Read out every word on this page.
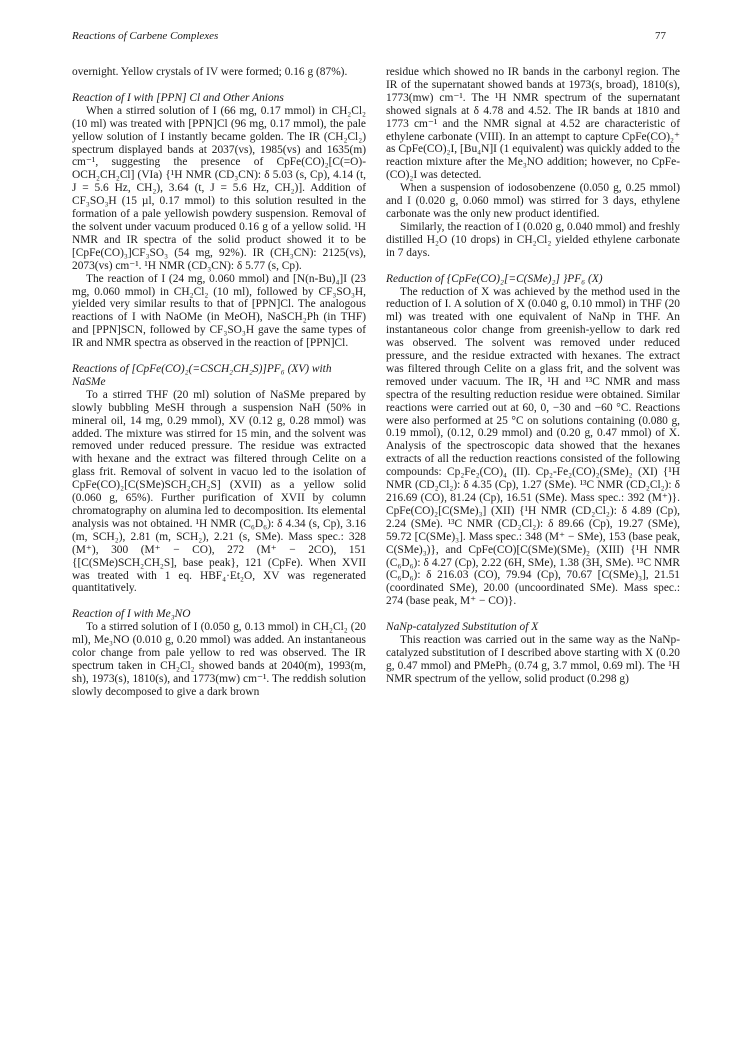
Reactions of Carbene Complexes	77

overnight. Yellow crystals of IV were formed; 0.16 g (87%).

Reaction of I with [PPN] Cl and Other Anions

When a stirred solution of I (66 mg, 0.17 mmol) in CH₂Cl₂ (10 ml) was treated with [PPN]Cl (96 mg, 0.17 mmol), the pale yellow solution of I instantly became golden. The IR (CH₂Cl₂) spectrum displayed bands at 2037(vs), 1985(vs) and 1635(m) cm⁻¹, suggesting the presence of CpFe(CO)₂[C(=O)-OCH₂CH₂Cl] (VIa) {¹H NMR (CD₃CN): δ 5.03 (s, Cp), 4.14 (t, J = 5.6 Hz, CH₂), 3.64 (t, J = 5.6 Hz, CH₂)]. Addition of CF₃SO₃H (15 µl, 0.17 mmol) to this solution resulted in the formation of a pale yellowish powdery suspension. Removal of the solvent under vacuum produced 0.16 g of a yellow solid. ¹H NMR and IR spectra of the solid product showed it to be [CpFe(CO)₃]CF₃SO₃ (54 mg, 92%). IR (CH₃CN): 2125(vs), 2073(vs) cm⁻¹. ¹H NMR (CD₃CN): δ 5.77 (s, Cp).

The reaction of I (24 mg, 0.060 mmol) and [N(n-Bu)₄]I (23 mg, 0.060 mmol) in CH₂Cl₂ (10 ml), followed by CF₃SO₃H, yielded very similar results to that of [PPN]Cl. The analogous reactions of I with NaOMe (in MeOH), NaSCH₂Ph (in THF) and [PPN]SCN, followed by CF₃SO₃H gave the same types of IR and NMR spectra as observed in the reaction of [PPN]Cl.

Reactions of [CpFe(CO)₂(=CSCH₂CH₂S)]PF₆ (XV) with NaSMe

To a stirred THF (20 ml) solution of NaSMe prepared by slowly bubbling MeSH through a suspension NaH (50% in mineral oil, 14 mg, 0.29 mmol), XV (0.12 g, 0.28 mmol) was added. The mixture was stirred for 15 min, and the solvent was removed under reduced pressure. The residue was extracted with hexane and the extract was filtered through Celite on a glass frit. Removal of solvent in vacuo led to the isolation of CpFe(CO)₂[C(SMe)SCH₂CH₂S] (XVII) as a yellow solid (0.060 g, 65%). Further purification of XVII by column chromatography on alumina led to decomposition. Its elemental analysis was not obtained. ¹H NMR (C₆D₆): δ 4.34 (s, Cp), 3.16 (m, SCH₂), 2.81 (m, SCH₂), 2.21 (s, SMe). Mass spec.: 328 (M⁺), 300 (M⁺ − CO), 272 (M⁺ − 2CO), 151 {[C(SMe)SCH₂CH₂S], base peak}, 121 (CpFe). When XVII was treated with 1 eq. HBF₄·Et₂O, XV was regenerated quantitatively.

Reaction of I with Me₃NO

To a stirred solution of I (0.050 g, 0.13 mmol) in CH₂Cl₂ (20 ml), Me₃NO (0.010 g, 0.20 mmol) was added. An instantaneous color change from pale yellow to red was observed. The IR spectrum taken in CH₂Cl₂ showed bands at 2040(m), 1993(m, sh), 1973(s), 1810(s), and 1773(mw) cm⁻¹. The reddish solution slowly decomposed to give a dark brown

residue which showed no IR bands in the carbonyl region. The IR of the supernatant showed bands at 1973(s, broad), 1810(s), 1773(mw) cm⁻¹. The ¹H NMR spectrum of the supernatant showed signals at δ 4.78 and 4.52. The IR bands at 1810 and 1773 cm⁻¹ and the NMR signal at 4.52 are characteristic of ethylene carbonate (VIII). In an attempt to capture CpFe(CO)₂⁺ as CpFe(CO)₂I, [Bu₄N]I (1 equivalent) was quickly added to the reaction mixture after the Me₃NO addition; however, no CpFe-(CO)₂I was detected.

When a suspension of iodosobenzene (0.050 g, 0.25 mmol) and I (0.020 g, 0.060 mmol) was stirred for 3 days, ethylene carbonate was the only new product identified.

Similarly, the reaction of I (0.020 g, 0.040 mmol) and freshly distilled H₂O (10 drops) in CH₂Cl₂ yielded ethylene carbonate in 7 days.

Reduction of {CpFe(CO)₂[=C(SMe)₂] }PF₆ (X)

The reduction of X was achieved by the method used in the reduction of I. A solution of X (0.040 g, 0.10 mmol) in THF (20 ml) was treated with one equivalent of NaNp in THF. An instantaneous color change from greenish-yellow to dark red was observed. The solvent was removed under reduced pressure, and the residue extracted with hexanes. The extract was filtered through Celite on a glass frit, and the solvent was removed under vacuum. The IR, ¹H and ¹³C NMR and mass spectra of the resulting reduction residue were obtained. Similar reactions were carried out at 60, 0, −30 and −60 °C. Reactions were also performed at 25 °C on solutions containing (0.080 g, 0.19 mmol), (0.12, 0.29 mmol) and (0.20 g, 0.47 mmol) of X. Analysis of the spectroscopic data showed that the hexanes extracts of all the reduction reactions consisted of the following compounds: Cp₂Fe₂(CO)₄ (II). Cp₂-Fe₂(CO)₂(SMe)₂ (XI) {¹H NMR (CD₂Cl₂): δ 4.35 (Cp), 1.27 (SMe). ¹³C NMR (CD₂Cl₂): δ 216.69 (CO), 81.24 (Cp), 16.51 (SMe). Mass spec.: 392 (M⁺)}. CpFe(CO)₂[C(SMe)₃] (XII) {¹H NMR (CD₂Cl₂): δ 4.89 (Cp), 2.24 (SMe). ¹³C NMR (CD₂Cl₂): δ 89.66 (Cp), 19.27 (SMe), 59.72 [C(SMe)₃]. Mass spec.: 348 (M⁺ − SMe), 153 (base peak, C(SMe)₃)}, and CpFe(CO)[C(SMe)(SMe)₂ (XIII) {¹H NMR (C₆D₆): δ 4.27 (Cp), 2.22 (6H, SMe), 1.38 (3H, SMe). ¹³C NMR (C₆D₆): δ 216.03 (CO), 79.94 (Cp), 70.67 [C(SMe)₃], 21.51 (coordinated SMe), 20.00 (uncoordinated SMe). Mass spec.: 274 (base peak, M⁺ − CO)}.

NaNp-catalyzed Substitution of X

This reaction was carried out in the same way as the NaNp-catalyzed substitution of I described above starting with X (0.20 g, 0.47 mmol) and PMePh₂ (0.74 g, 3.7 mmol, 0.69 ml). The ¹H NMR spectrum of the yellow, solid product (0.298 g)
